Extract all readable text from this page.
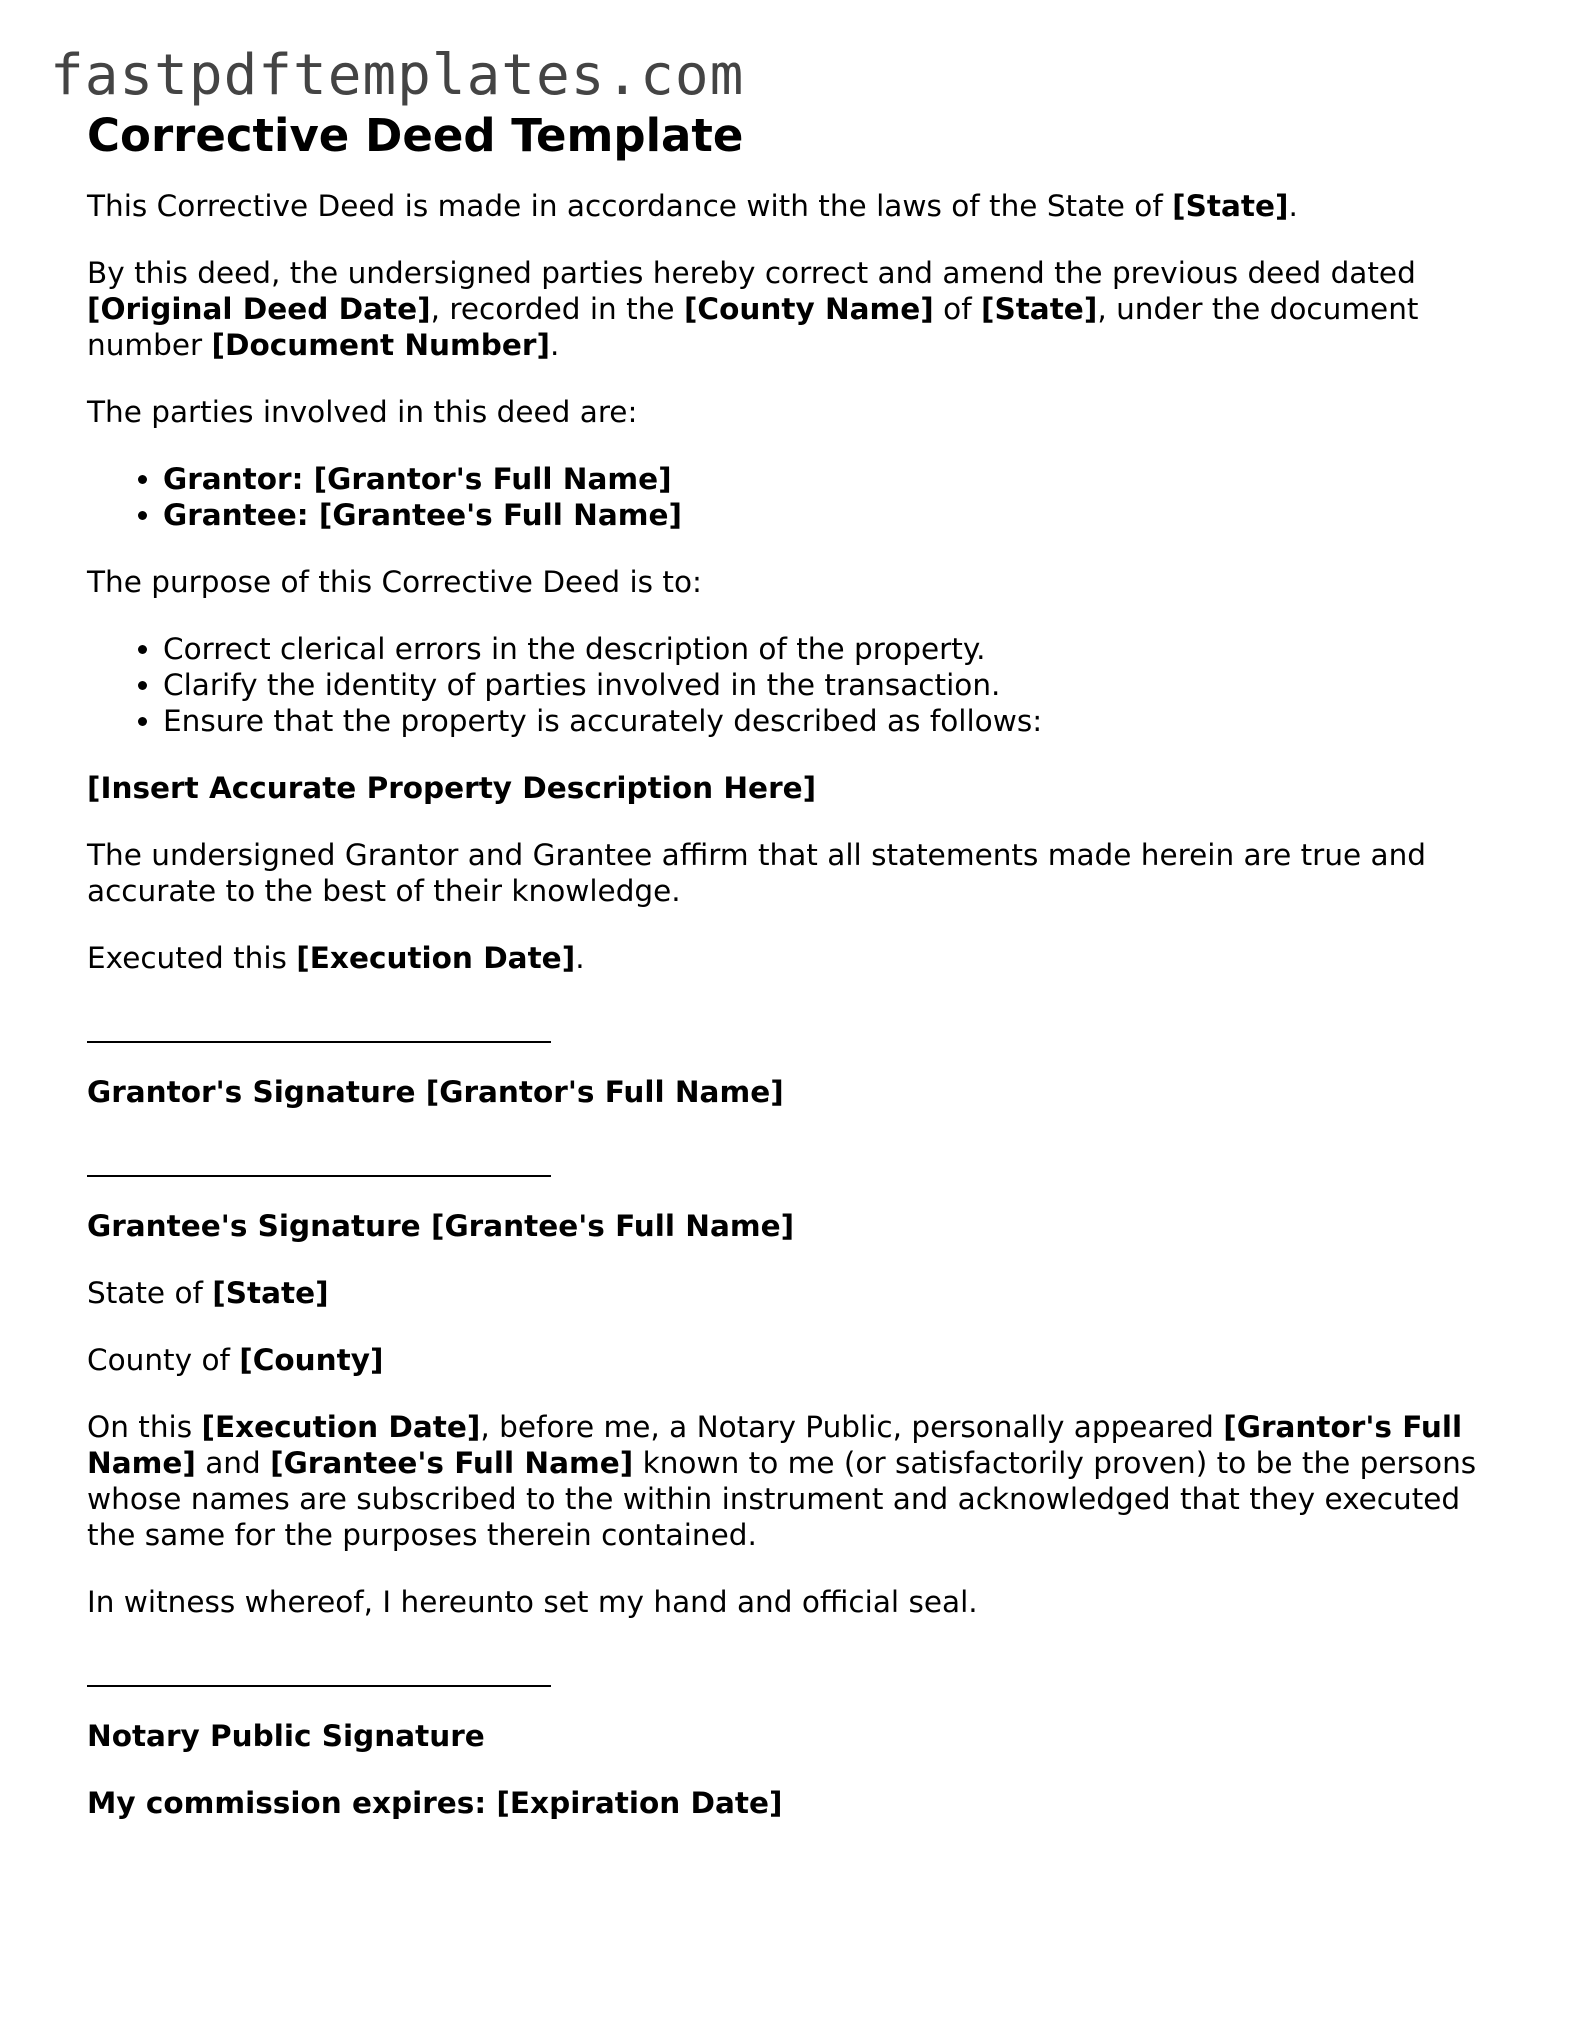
fastpdftemplates.com
Corrective Deed Template

This Corrective Deed is made in accordance with the laws of the State of [State].

By this deed, the undersigned parties hereby correct and amend the previous deed dated [Original Deed Date], recorded in the [County Name] of [State], under the document number [Document Number].

The parties involved in this deed are:

• Grantor: [Grantor's Full Name]
• Grantee: [Grantee's Full Name]

The purpose of this Corrective Deed is to:

• Correct clerical errors in the description of the property.
• Clarify the identity of parties involved in the transaction.
• Ensure that the property is accurately described as follows:

[Insert Accurate Property Description Here]

The undersigned Grantor and Grantee affirm that all statements made herein are true and accurate to the best of their knowledge.

Executed this [Execution Date].

Grantor's Signature [Grantor's Full Name]

Grantee's Signature [Grantee's Full Name]

State of [State]

County of [County]

On this [Execution Date], before me, a Notary Public, personally appeared [Grantor's Full Name] and [Grantee's Full Name] known to me (or satisfactorily proven) to be the persons whose names are subscribed to the within instrument and acknowledged that they executed the same for the purposes therein contained.

In witness whereof, I hereunto set my hand and official seal.

Notary Public Signature

My commission expires: [Expiration Date]
